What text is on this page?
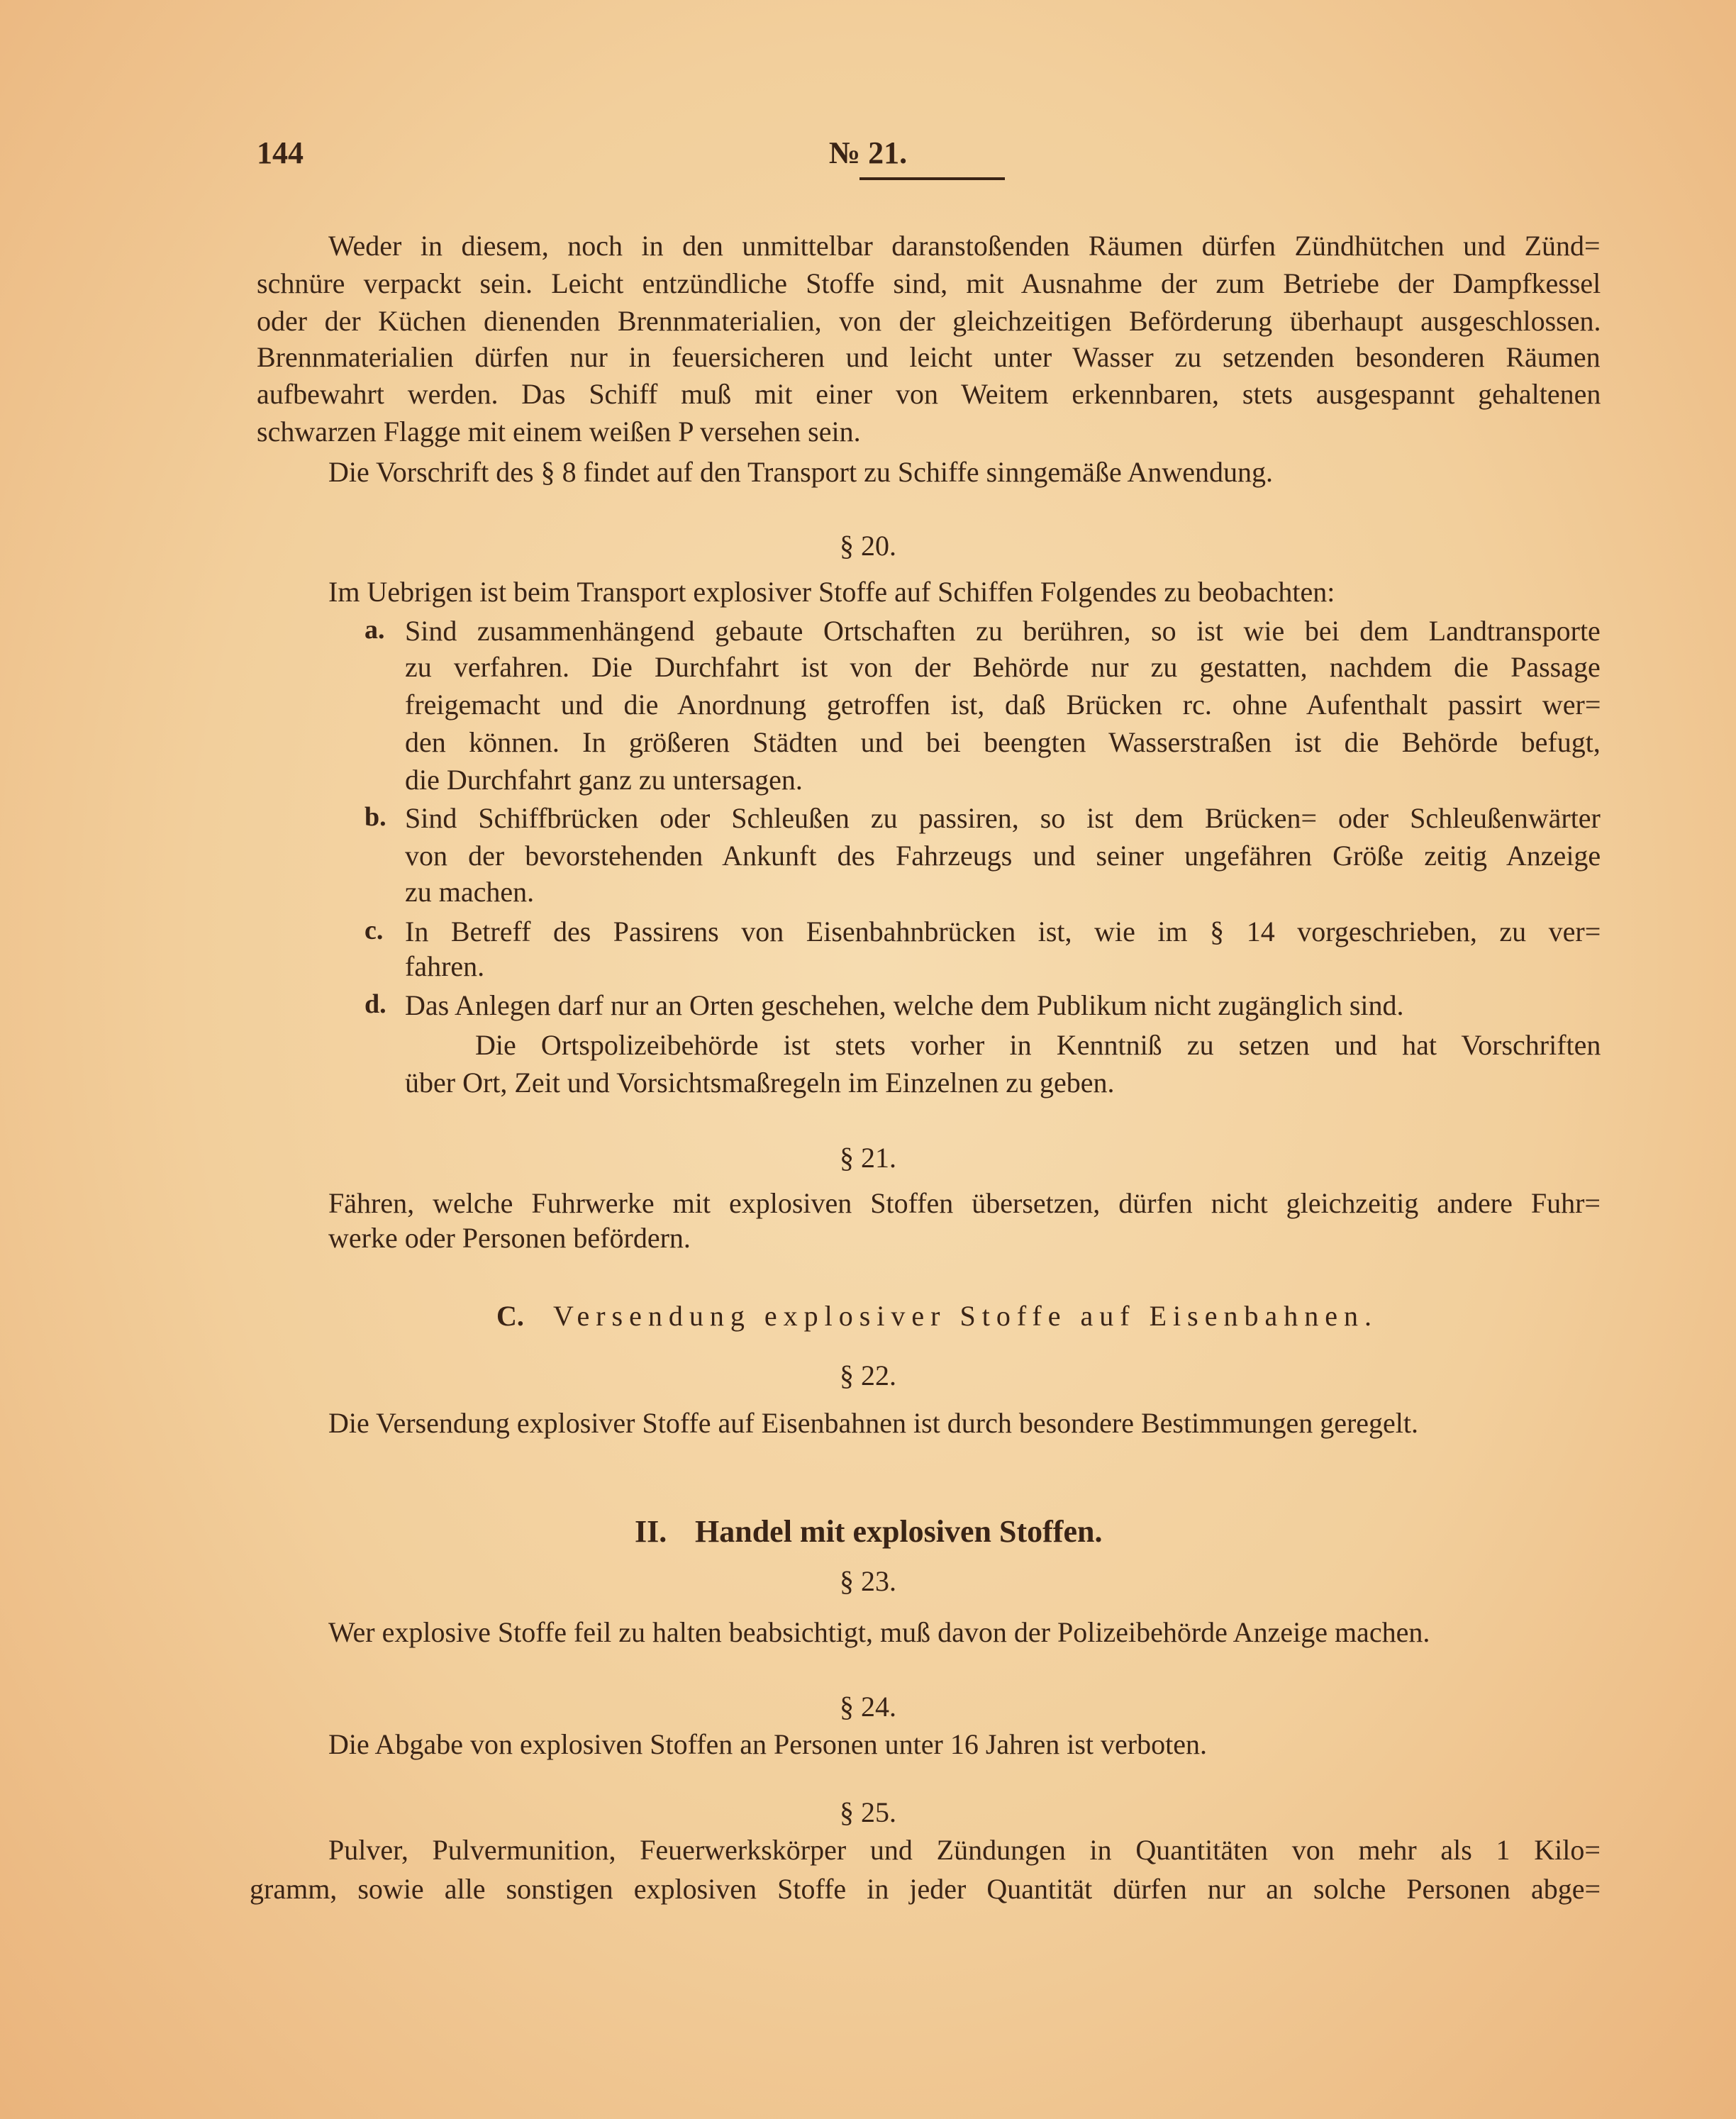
144	№ 21.
Weder in diesem, noch in den unmittelbar daranstoßenden Räumen dürfen Zündhütchen und Zünd=
schnüre verpackt sein. Leicht entzündliche Stoffe sind, mit Ausnahme der zum Betriebe der Dampfkessel
oder der Küchen dienenden Brennmaterialien, von der gleichzeitigen Beförderung überhaupt ausgeschlossen.
Brennmaterialien dürfen nur in feuersicheren und leicht unter Wasser zu setzenden besonderen Räumen
aufbewahrt werden. Das Schiff muß mit einer von Weitem erkennbaren, stets ausgespannt gehaltenen
schwarzen Flagge mit einem weißen P versehen sein.
Die Vorschrift des § 8 findet auf den Transport zu Schiffe sinngemäße Anwendung.
§ 20.
Im Uebrigen ist beim Transport explosiver Stoffe auf Schiffen Folgendes zu beobachten:
a. Sind zusammenhängend gebaute Ortschaften zu berühren, so ist wie bei dem Landtransporte
zu verfahren. Die Durchfahrt ist von der Behörde nur zu gestatten, nachdem die Passage
freigemacht und die Anordnung getroffen ist, daß Brücken rc. ohne Aufenthalt passirt wer=
den können. In größeren Städten und bei beengten Wasserstraßen ist die Behörde befugt,
die Durchfahrt ganz zu untersagen.
b. Sind Schiffbrücken oder Schleußen zu passiren, so ist dem Brücken= oder Schleußenwärter
von der bevorstehenden Ankunft des Fahrzeugs und seiner ungefähren Größe zeitig Anzeige
zu machen.
c. In Betreff des Passirens von Eisenbahnbrücken ist, wie im § 14 vorgeschrieben, zu ver=
fahren.
d. Das Anlegen darf nur an Orten geschehen, welche dem Publikum nicht zugänglich sind.
Die Ortspolizeibehörde ist stets vorher in Kenntniß zu setzen und hat Vorschriften
über Ort, Zeit und Vorsichtsmaßregeln im Einzelnen zu geben.
§ 21.
Fähren, welche Fuhrwerke mit explosiven Stoffen übersetzen, dürfen nicht gleichzeitig andere Fuhr=
werke oder Personen befördern.
C. Versendung explosiver Stoffe auf Eisenbahnen.
§ 22.
Die Versendung explosiver Stoffe auf Eisenbahnen ist durch besondere Bestimmungen geregelt.
II. Handel mit explosiven Stoffen.
§ 23.
Wer explosive Stoffe feil zu halten beabsichtigt, muß davon der Polizeibehörde Anzeige machen.
§ 24.
Die Abgabe von explosiven Stoffen an Personen unter 16 Jahren ist verboten.
§ 25.
Pulver, Pulvermunition, Feuerwerkskörper und Zündungen in Quantitäten von mehr als 1 Kilo=
gramm, sowie alle sonstigen explosiven Stoffe in jeder Quantität dürfen nur an solche Personen abge=
